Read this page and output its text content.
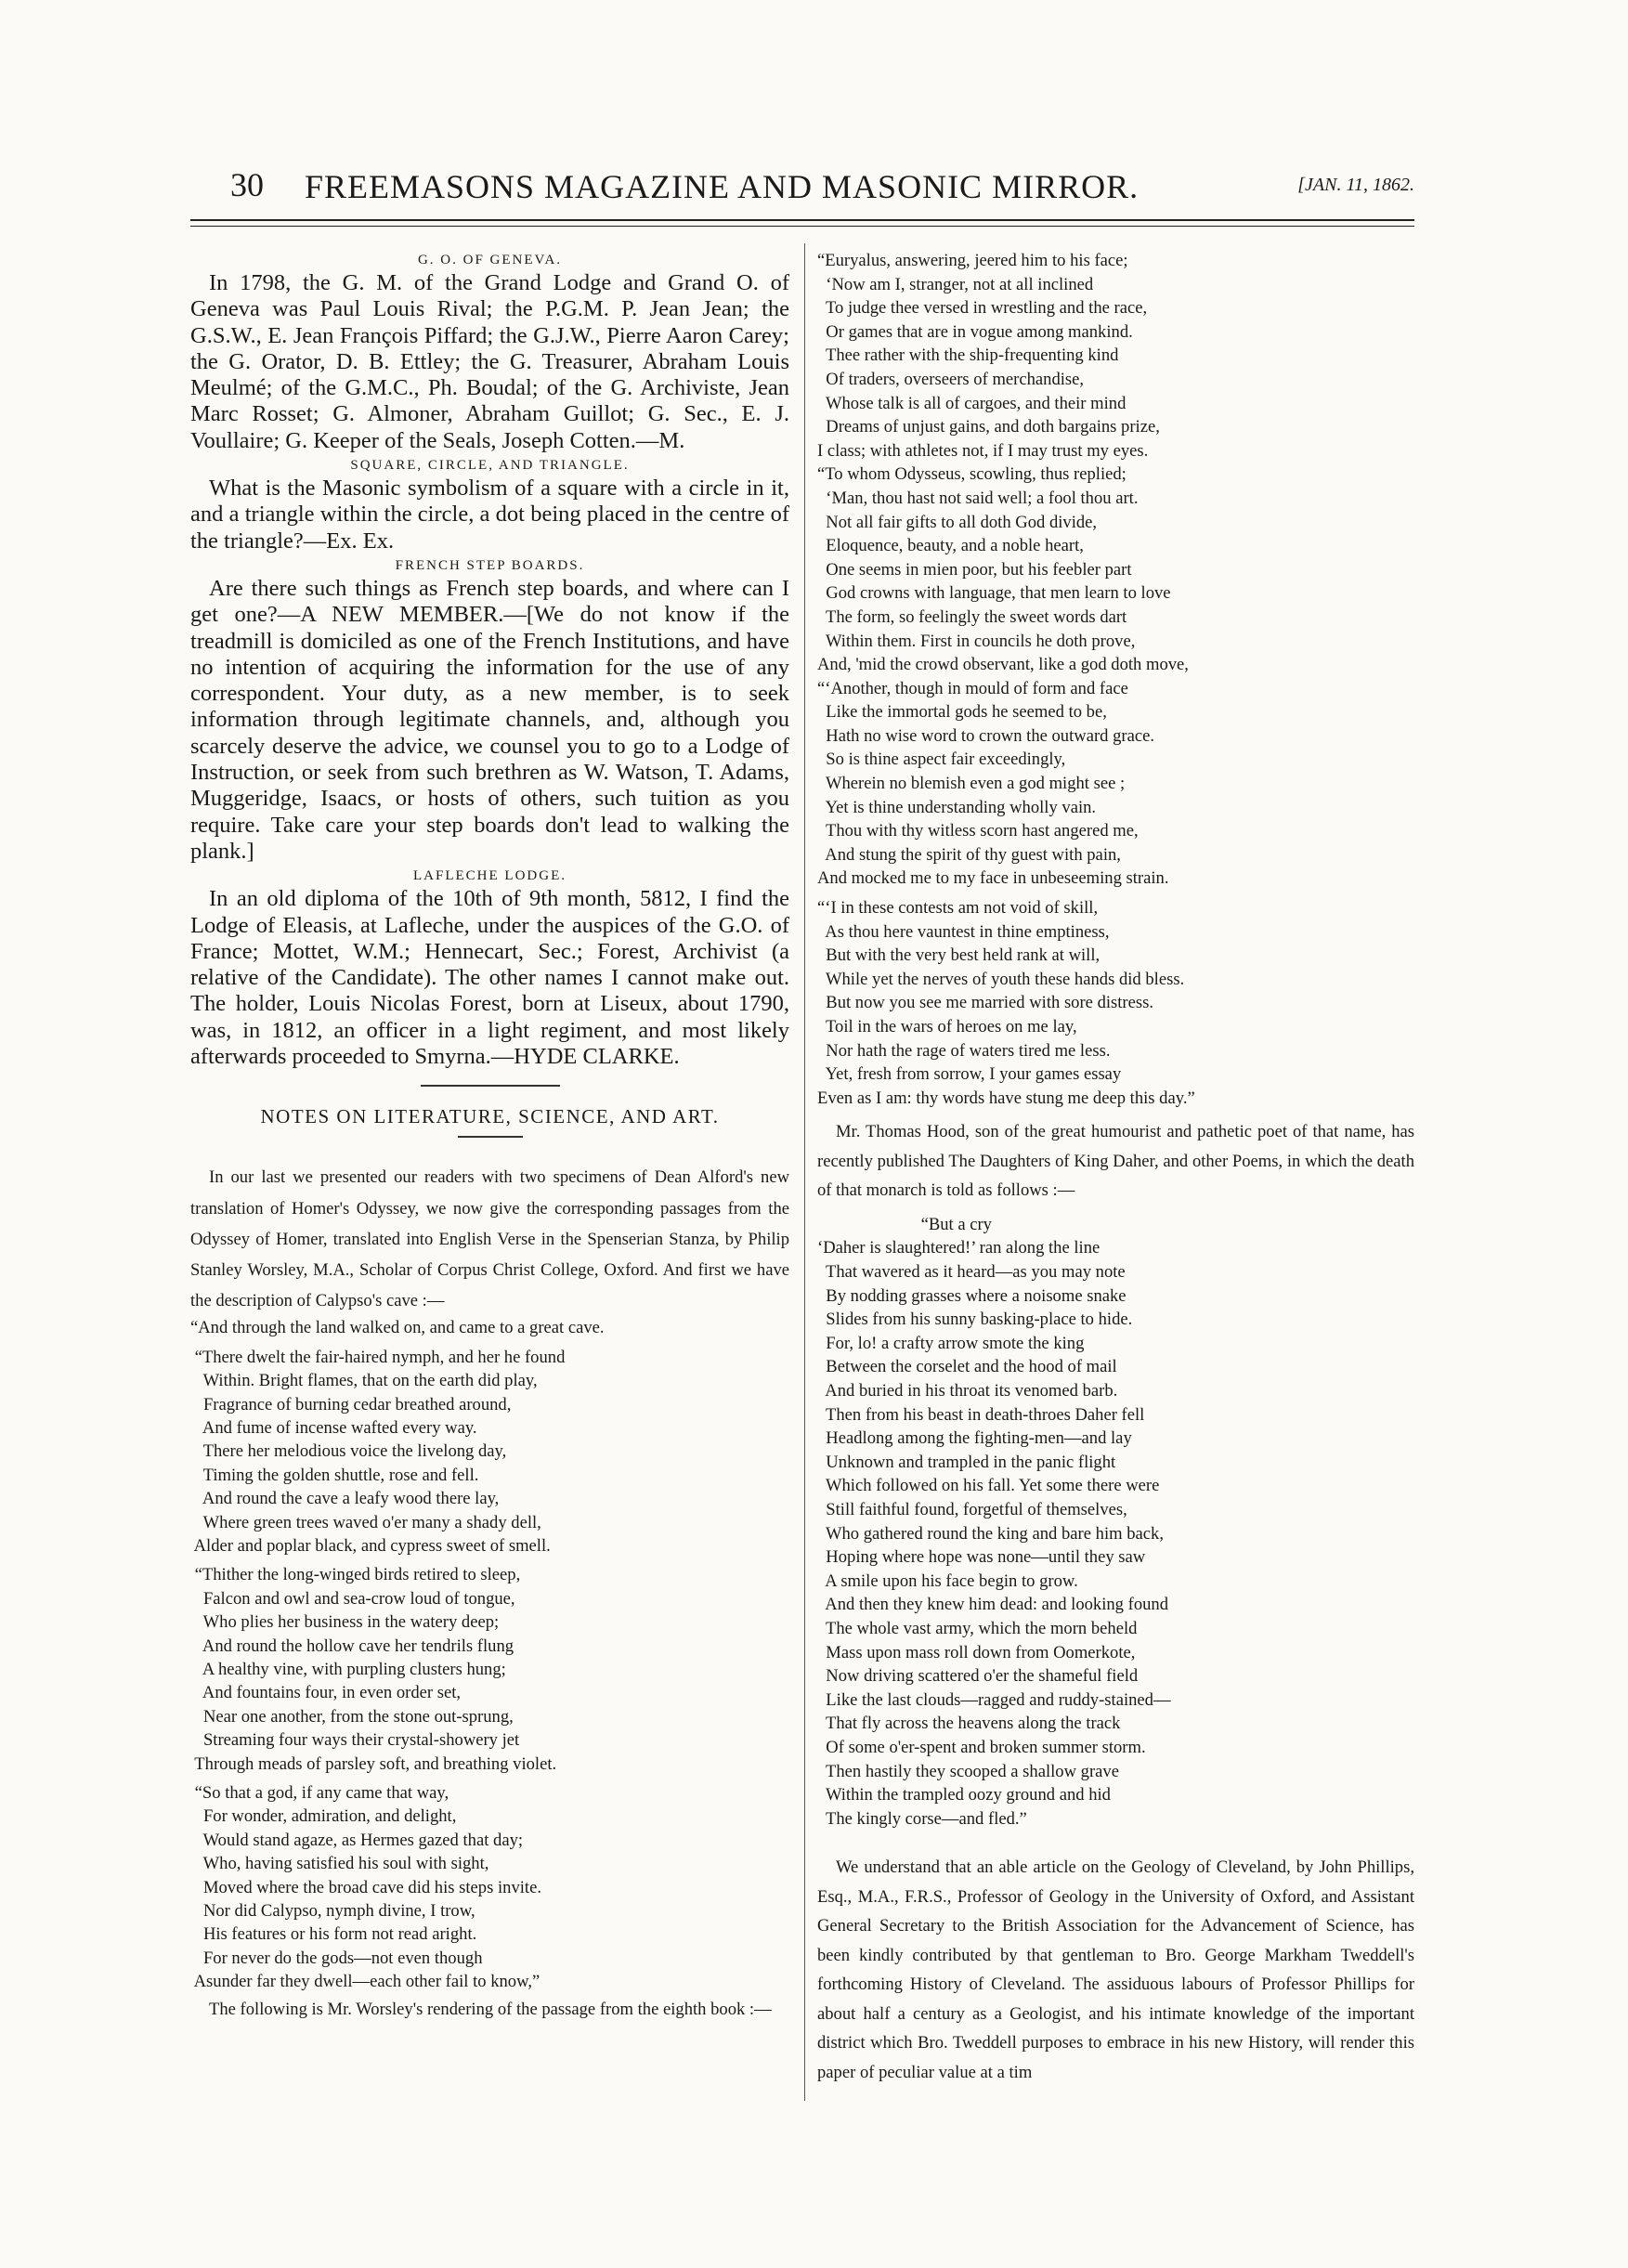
30 FREEMASONS MAGAZINE AND MASONIC MIRROR.	[JAN. 11, 1862.
G. O. OF GENEVA.

In 1798, the G. M. of the Grand Lodge and Grand O. of Geneva was Paul Louis Rival; the P.G.M. P. Jean Jean; the G.S.W., E. Jean François Piffard; the G.J.W., Pierre Aaron Carey; the G. Orator, D. B. Ettley; the G. Treasurer, Abraham Louis Meulmé; of the G.M.C., Ph. Boudal; of the G. Archiviste, Jean Marc Rosset; G. Almoner, Abraham Guillot; G. Sec., E. J. Voullaire; G. Keeper of the Seals, Joseph Cotten.—M.

SQUARE, CIRCLE, AND TRIANGLE.

What is the Masonic symbolism of a square with a circle in it, and a triangle within the circle, a dot being placed in the centre of the triangle?—Ex. Ex.

FRENCH STEP BOARDS.

Are there such things as French step boards, and where can I get one?—A NEW MEMBER.—[We do not know if the treadmill is domiciled as one of the French Institutions, and have no intention of acquiring the information for the use of any correspondent. Your duty, as a new member, is to seek information through legitimate channels, and, although you scarcely deserve the advice, we counsel you to go to a Lodge of Instruction, or seek from such brethren as W. Watson, T. Adams, Muggeridge, Isaacs, or hosts of others, such tuition as you require. Take care your step boards don't lead to walking the plank.]

LAFLECHE LODGE.

In an old diploma of the 10th of 9th month, 5812, I find the Lodge of Eleasis, at Lafleche, under the auspices of the G.O. of France; Mottet, W.M.; Hennecart, Sec.; Forest, Archivist (a relative of the Candidate). The other names I cannot make out. The holder, Louis Nicolas Forest, born at Liseux, about 1790, was, in 1812, an officer in a light regiment, and most likely afterwards proceeded to Smyrna.—HYDE CLARKE.

NOTES ON LITERATURE, SCIENCE, AND ART.

In our last we presented our readers with two specimens of Dean Alford's new translation of Homer's Odyssey, we now give the corresponding passages from the Odyssey of Homer, translated into English Verse in the Spenserian Stanza, by Philip Stanley Worsley, M.A., Scholar of Corpus Christ College, Oxford. And first we have the description of Calypso's cave :—

“And through the land walked on, and came to a great cave.

“There dwelt the fair-haired nymph, and her he found
Within. Bright flames, that on the earth did play,
Fragrance of burning cedar breathed around,
And fume of incense wafted every way.
There her melodious voice the livelong day,
Timing the golden shuttle, rose and fell.
And round the cave a leafy wood there lay,
Where green trees waved o'er many a shady dell,
Alder and poplar black, and cypress sweet of smell.

“Thither the long-winged birds retired to sleep,
Falcon and owl and sea-crow loud of tongue,
Who plies her business in the watery deep;
And round the hollow cave her tendrils flung
A healthy vine, with purpling clusters hung;
And fountains four, in even order set,
Near one another, from the stone out-sprung,
Streaming four ways their crystal-showery jet
Through meads of parsley soft, and breathing violet.

“So that a god, if any came that way,
For wonder, admiration, and delight,
Would stand agaze, as Hermes gazed that day;
Who, having satisfied his soul with sight,
Moved where the broad cave did his steps invite.
Nor did Calypso, nymph divine, I trow,
His features or his form not read aright.
For never do the gods—not even though
Asunder far they dwell—each other fail to know,”

The following is Mr. Worsley's rendering of the passage from the eighth book :—

“Euryalus, answering, jeered him to his face;
‘Now am I, stranger, not at all inclined
To judge thee versed in wrestling and the race,
Or games that are in vogue among mankind.
Thee rather with the ship-frequenting kind
Of traders, overseers of merchandise,
Whose talk is all of cargoes, and their mind
Dreams of unjust gains, and doth bargains prize,
I class; with athletes not, if I may trust my eyes.
“To whom Odysseus, scowling, thus replied;
‘Man, thou hast not said well; a fool thou art.
Not all fair gifts to all doth God divide,
Eloquence, beauty, and a noble heart,
One seems in mien poor, but his feebler part
God crowns with language, that men learn to love
The form, so feelingly the sweet words dart
Within them. First in councils he doth prove,
And, 'mid the crowd observant, like a god doth move,
“‘Another, though in mould of form and face
Like the immortal gods he seemed to be,
Hath no wise word to crown the outward grace.
So is thine aspect fair exceedingly,
Wherein no blemish even a god might see ;
Yet is thine understanding wholly vain.
Thou with thy witless scorn hast angered me,
And stung the spirit of thy guest with pain,
And mocked me to my face in unbeseeming strain.

“‘I in these contests am not void of skill,
As thou here vauntest in thine emptiness,
But with the very best held rank at will,
While yet the nerves of youth these hands did bless.
But now you see me married with sore distress.
Toil in the wars of heroes on me lay,
Nor hath the rage of waters tired me less.
Yet, fresh from sorrow, I your games essay
Even as I am: thy words have stung me deep this day.”

Mr. Thomas Hood, son of the great humourist and pathetic poet of that name, has recently published The Daughters of King Daher, and other Poems, in which the death of that monarch is told as follows :—

“But a cry
‘Daher is slaughtered!’ ran along the line
That wavered as it heard—as you may note
By nodding grasses where a noisome snake
Slides from his sunny basking-place to hide.
For, lo! a crafty arrow smote the king
Between the corselet and the hood of mail
And buried in his throat its venomed barb.
Then from his beast in death-throes Daher fell
Headlong among the fighting-men—and lay
Unknown and trampled in the panic flight
Which followed on his fall. Yet some there were
Still faithful found, forgetful of themselves,
Who gathered round the king and bare him back,
Hoping where hope was none—until they saw
A smile upon his face begin to grow.
And then they knew him dead: and looking found
The whole vast army, which the morn beheld
Mass upon mass roll down from Oomerkote,
Now driving scattered o'er the shameful field
Like the last clouds—ragged and ruddy-stained—
That fly across the heavens along the track
Of some o'er-spent and broken summer storm.
Then hastily they scooped a shallow grave
Within the trampled oozy ground and hid
The kingly corse—and fled.”

We understand that an able article on the Geology of Cleveland, by John Phillips, Esq., M.A., F.R.S., Professor of Geology in the University of Oxford, and Assistant General Secretary to the British Association for the Advancement of Science, has been kindly contributed by that gentleman to Bro. George Markham Tweddell's forthcoming History of Cleveland. The assiduous labours of Professor Phillips for about half a century as a Geologist, and his intimate knowledge of the important district which Bro. Tweddell purposes to embrace in his new History, will render this paper of peculiar value at a tim
